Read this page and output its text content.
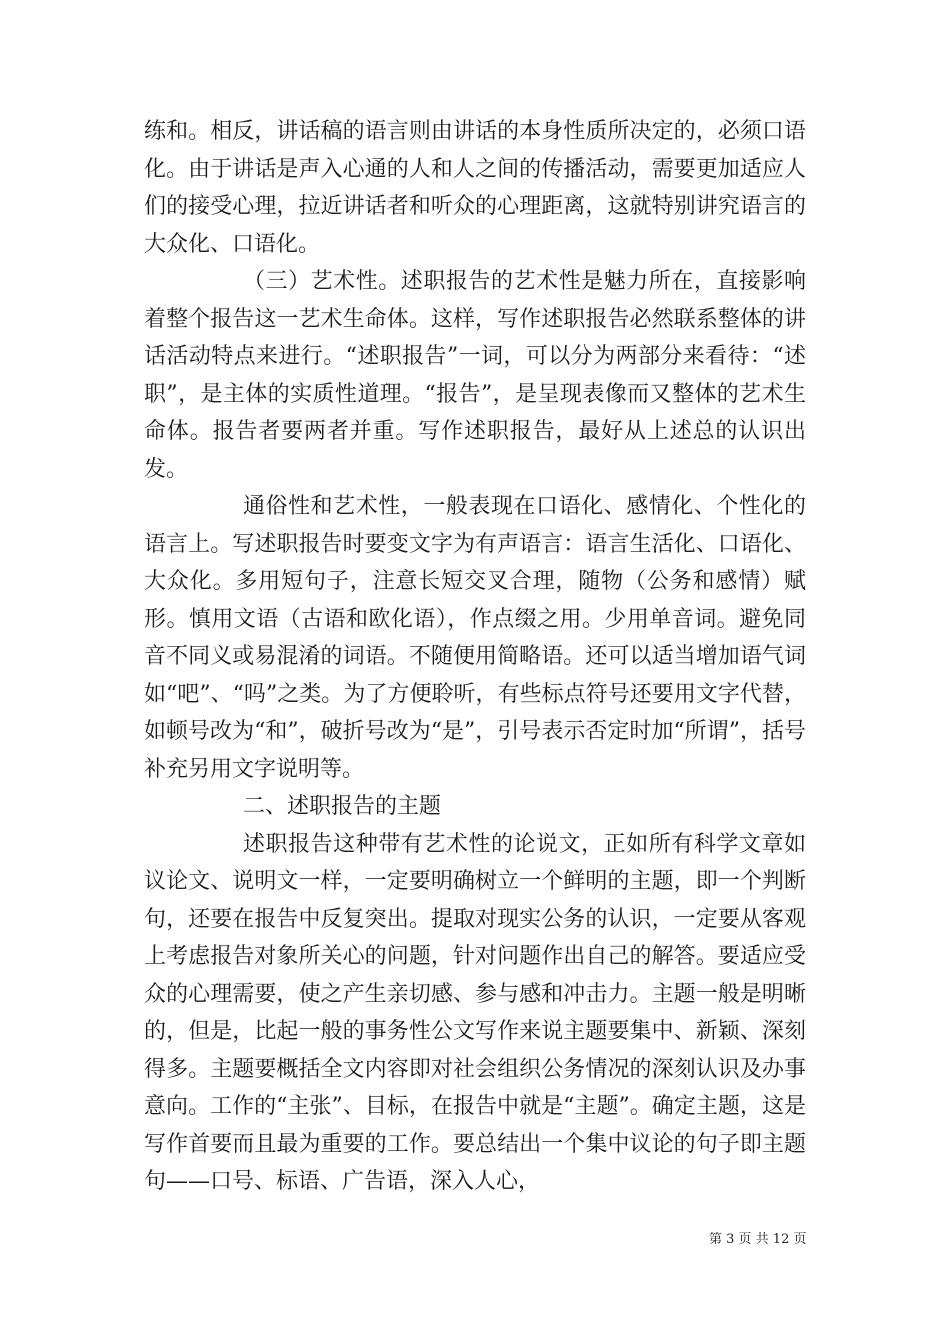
练和。相反，讲话稿的语言则由讲话的本身性质所决定的，必须口语化。由于讲话是声入心通的人和人之间的传播活动，需要更加适应人们的接受心理，拉近讲话者和听众的心理距离，这就特别讲究语言的大众化、口语化。

（三）艺术性。述职报告的艺术性是魅力所在，直接影响着整个报告这一艺术生命体。这样，写作述职报告必然联系整体的讲话活动特点来进行。“述职报告”一词，可以分为两部分来看待：“述职”，是主体的实质性道理。“报告”，是呈现表像而又整体的艺术生命体。报告者要两者并重。写作述职报告，最好从上述总的认识出发。

通俗性和艺术性，一般表现在口语化、感情化、个性化的语言上。写述职报告时要变文字为有声语言：语言生活化、口语化、大众化。多用短句子，注意长短交叉合理，随物（公务和感情）赋形。慎用文语（古语和欧化语），作点缀之用。少用单音词。避免同音不同义或易混淆的词语。不随便用简略语。还可以适当增加语气词如“吧”、“吗”之类。为了方便聆听，有些标点符号还要用文字代替，如顿号改为“和”，破折号改为“是”，引号表示否定时加“所谓”，括号补充另用文字说明等。

二、述职报告的主题

述职报告这种带有艺术性的论说文，正如所有科学文章如议论文、说明文一样，一定要明确树立一个鲜明的主题，即一个判断句，还要在报告中反复突出。提取对现实公务的认识，一定要从客观上考虑报告对象所关心的问题，针对问题作出自己的解答。要适应受众的心理需要，使之产生亲切感、参与感和冲击力。主题一般是明晰的，但是，比起一般的事务性公文写作来说主题要集中、新颖、深刻得多。主题要概括全文内容即对社会组织公务情况的深刻认识及办事意向。工作的“主张”、目标，在报告中就是“主题”。确定主题，这是写作首要而且最为重要的工作。要总结出一个集中议论的句子即主题句——口号、标语、广告语，深入人心，

第 3 页 共 12 页
